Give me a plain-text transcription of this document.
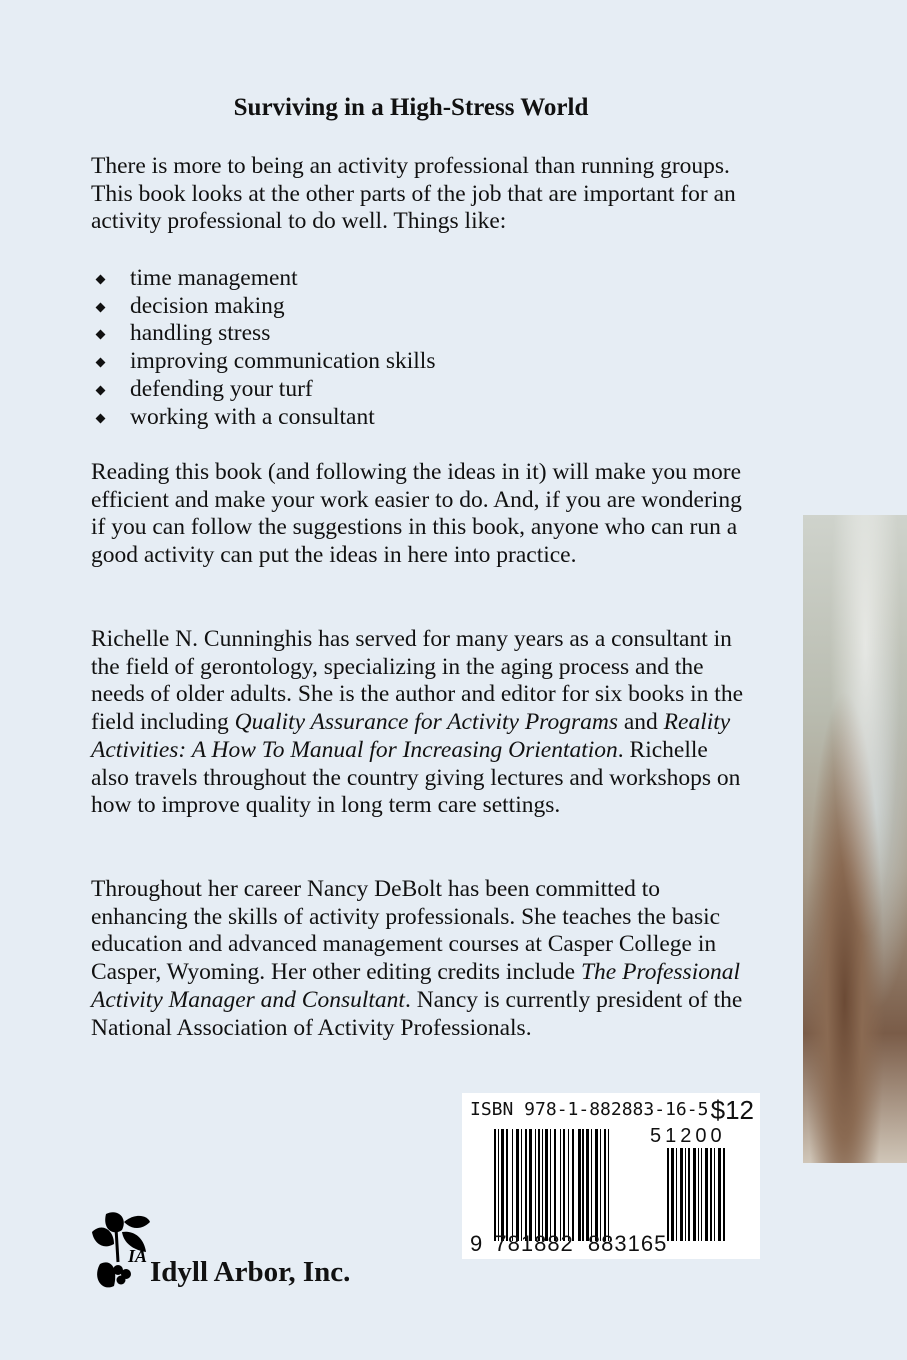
Surviving in a High-Stress World

There is more to being an activity professional than running groups. This book looks at the other parts of the job that are important for an activity professional to do well. Things like:

time management
decision making
handling stress
improving communication skills
defending your turf
working with a consultant

Reading this book (and following the ideas in it) will make you more efficient and make your work easier to do. And, if you are wondering if you can follow the suggestions in this book, anyone who can run a good activity can put the ideas in here into practice.

Richelle N. Cunninghis has served for many years as a consultant in the field of gerontology, specializing in the aging process and the needs of older adults. She is the author and editor for six books in the field including Quality Assurance for Activity Programs and Reality Activities: A How To Manual for Increasing Orientation. Richelle also travels throughout the country giving lectures and workshops on how to improve quality in long term care settings.

Throughout her career Nancy DeBolt has been committed to enhancing the skills of activity professionals. She teaches the basic education and advanced management courses at Casper College in Casper, Wyoming. Her other editing credits include The Professional Activity Manager and Consultant. Nancy is currently president of the National Association of Activity Professionals.

ISBN 978-1-882883-16-5 $12
51200
9 781882 883165
IA Idyll Arbor, Inc.
